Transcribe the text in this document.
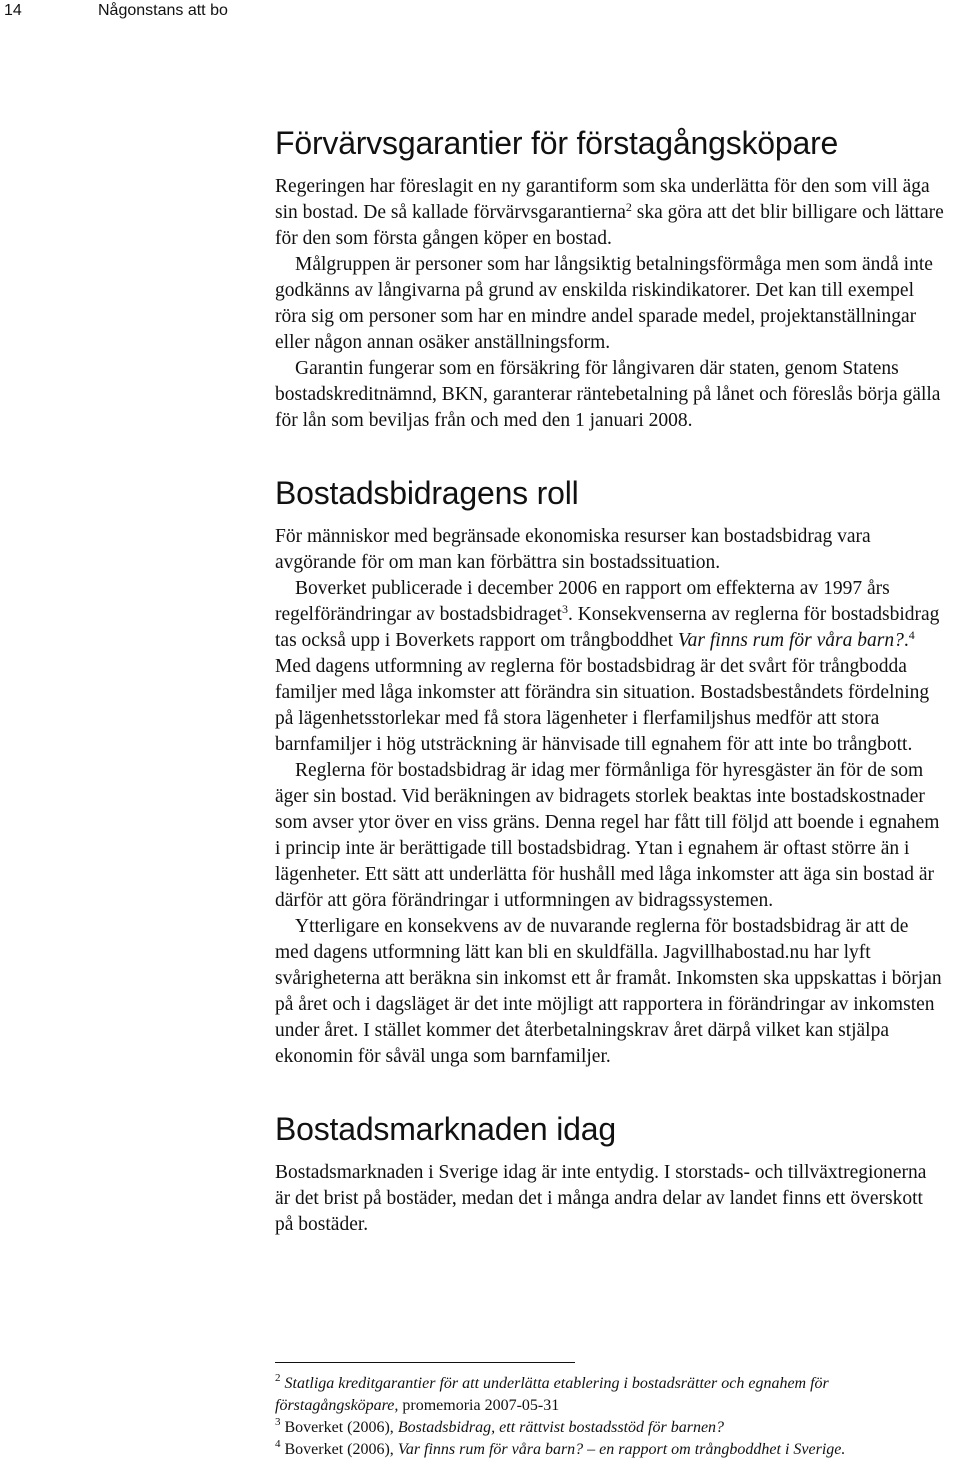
14	Någonstans att bo
Förvärvsgarantier för förstagångsköpare

Regeringen har föreslagit en ny garantiform som ska underlätta för den som vill äga sin bostad. De så kallade förvärvsgarantierna$^2$ ska göra att det blir billigare och lättare för den som första gången köper en bostad.

Målgruppen är personer som har långsiktig betalningsförmåga men som ändå inte godkänns av långivarna på grund av enskilda riskindikatorer. Det kan till exempel röra sig om personer som har en mindre andel sparade medel, projektanställningar eller någon annan osäker anställningsform.

Garantin fungerar som en försäkring för långivaren där staten, genom Statens bostadskreditnämnd, BKN, garanterar räntebetalning på lånet och föreslås börja gälla för lån som beviljas från och med den 1 januari 2008.

Bostadsbidragens roll

För människor med begränsade ekonomiska resurser kan bostadsbidrag vara avgörande för om man kan förbättra sin bostadssituation.

Boverket publicerade i december 2006 en rapport om effekterna av 1997 års regelförändringar av bostadsbidraget$^3$. Konsekvenserna av reglerna för bostadsbidrag tas också upp i Boverkets rapport om trångboddhet Var finns rum för våra barn?.$^4$ Med dagens utformning av reglerna för bostadsbidrag är det svårt för trångbodda familjer med låga inkomster att förändra sin situation. Bostadsbeståndets fördelning på lägenhetsstorlekar med få stora lägenheter i flerfamiljshus medför att stora barnfamiljer i hög utsträckning är hänvisade till egnahem för att inte bo trångbott.

Reglerna för bostadsbidrag är idag mer förmånliga för hyresgäster än för de som äger sin bostad. Vid beräkningen av bidragets storlek beaktas inte bostadskostnader som avser ytor över en viss gräns. Denna regel har fått till följd att boende i egnahem i princip inte är berättigade till bostadsbidrag. Ytan i egnahem är oftast större än i lägenheter. Ett sätt att underlätta för hushåll med låga inkomster att äga sin bostad är därför att göra förändringar i utformningen av bidragssystemen.

Ytterligare en konsekvens av de nuvarande reglerna för bostadsbidrag är att de med dagens utformning lätt kan bli en skuldfälla. Jagvillhabostad.nu har lyft svårigheterna att beräkna sin inkomst ett år framåt. Inkomsten ska uppskattas i början på året och i dagsläget är det inte möjligt att rapportera in förändringar av inkomsten under året. I stället kommer det återbetalningskrav året därpå vilket kan stjälpa ekonomin för såväl unga som barnfamiljer.

Bostadsmarknaden idag

Bostadsmarknaden i Sverige idag är inte entydig. I storstads- och tillväxtregionerna är det brist på bostäder, medan det i många andra delar av landet finns ett överskott på bostäder.

$^2$ Statliga kreditgarantier för att underlätta etablering i bostadsrätter och egnahem för förstagångsköpare, promemoria 2007-05-31

$^3$ Boverket (2006), Bostadsbidrag, ett rättvist bostadsstöd för barnen?

$^4$ Boverket (2006), Var finns rum för våra barn? – en rapport om trångboddhet i Sverige.
